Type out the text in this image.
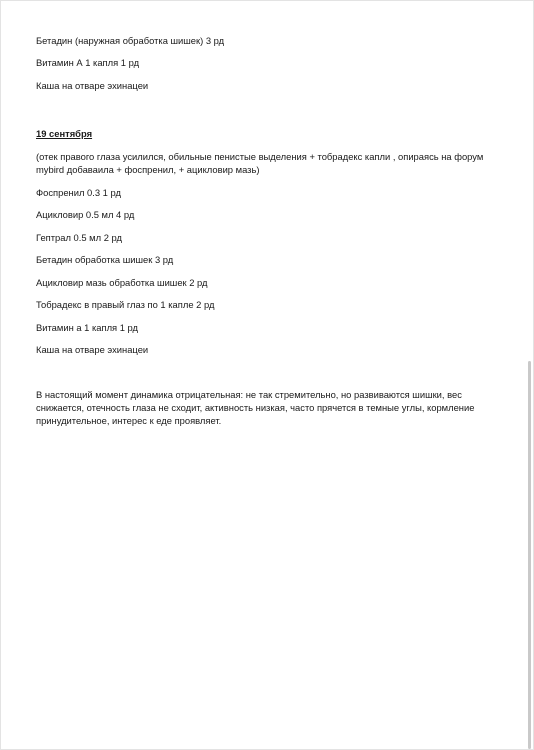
Бетадин (наружная обработка шишек) 3 рд

Витамин А 1 капля 1 рд

Каша на отваре эхинацеи

19 сентября

(отек правого глаза усилился, обильные пенистые выделения + тобрадекс капли , опираясь на форум mybird добаваила + фоспренил, + ацикловир мазь)

Фоспренил 0.3 1 рд

Ацикловир 0.5 мл 4 рд

Гептрал 0.5 мл 2 рд

Бетадин обработка шишек 3 рд

Ацикловир мазь обработка шишек 2 рд

Тобрадекс в правый глаз по 1 капле 2 рд

Витамин а 1 капля 1 рд

Каша на отваре эхинацеи

В настоящий момент динамика отрицательная: не так стремительно, но развиваются шишки, вес снижается, отечность глаза не сходит, активность низкая, часто прячется в темные углы, кормление принудительное, интерес к еде проявляет.
